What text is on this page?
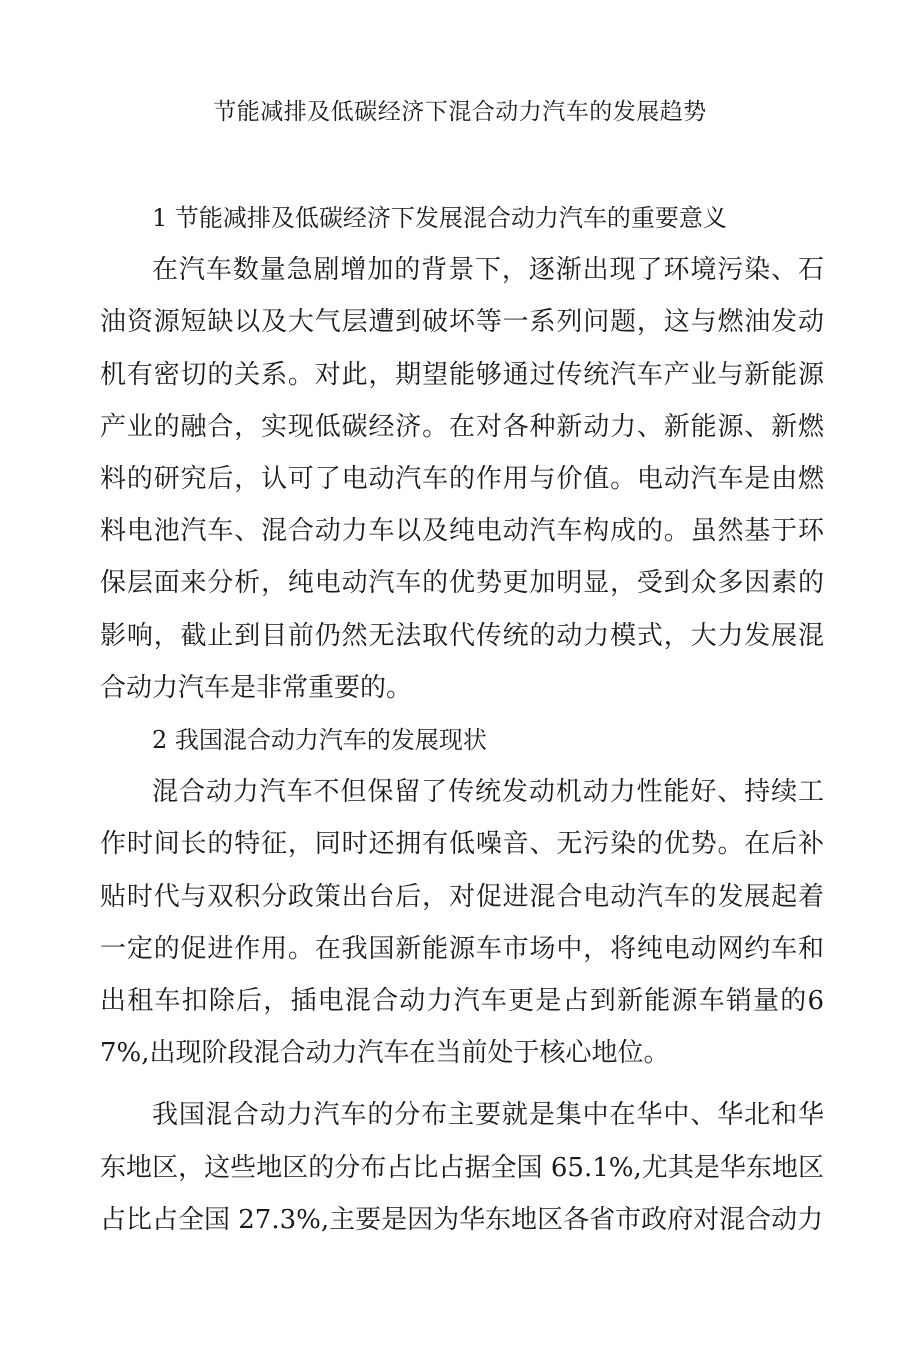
节能减排及低碳经济下混合动力汽车的发展趋势

1 节能减排及低碳经济下发展混合动力汽车的重要意义

在汽车数量急剧增加的背景下，逐渐出现了环境污染、石油资源短缺以及大气层遭到破坏等一系列问题，这与燃油发动机有密切的关系。对此，期望能够通过传统汽车产业与新能源产业的融合，实现低碳经济。在对各种新动力、新能源、新燃料的研究后，认可了电动汽车的作用与价值。电动汽车是由燃料电池汽车、混合动力车以及纯电动汽车构成的。虽然基于环保层面来分析，纯电动汽车的优势更加明显，受到众多因素的影响，截止到目前仍然无法取代传统的动力模式，大力发展混合动力汽车是非常重要的。

2 我国混合动力汽车的发展现状

混合动力汽车不但保留了传统发动机动力性能好、持续工作时间长的特征，同时还拥有低噪音、无污染的优势。在后补贴时代与双积分政策出台后，对促进混合电动汽车的发展起着一定的促进作用。在我国新能源车市场中，将纯电动网约车和出租车扣除后，插电混合动力汽车更是占到新能源车销量的67%,出现阶段混合动力汽车在当前处于核心地位。

我国混合动力汽车的分布主要就是集中在华中、华北和华东地区，这些地区的分布占比占据全国 65.1%,尤其是华东地区占比占全国 27.3%,主要是因为华东地区各省市政府对混合动力
